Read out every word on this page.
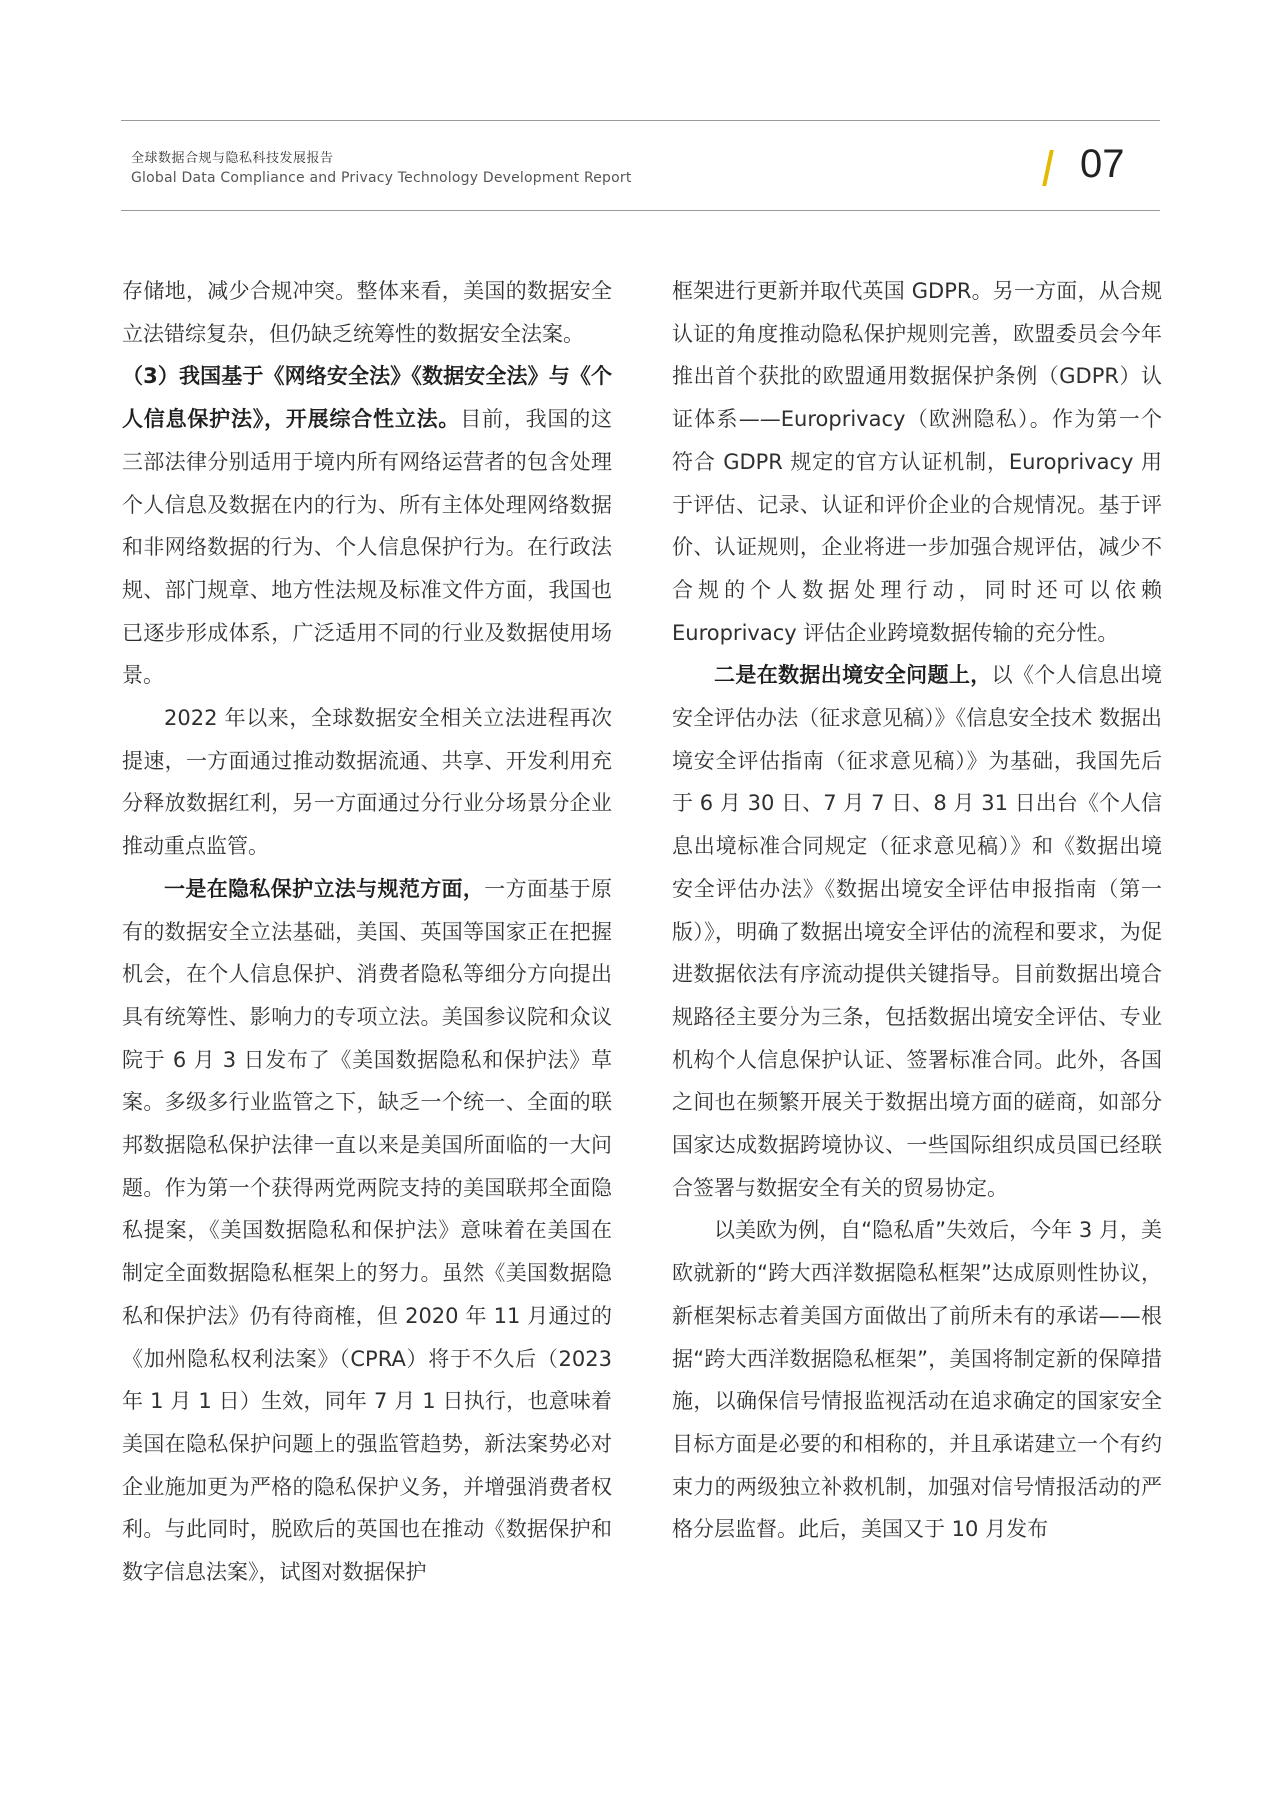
全球数据合规与隐私科技发展报告
Global Data Compliance and Privacy Technology Development Report	07

存储地，减少合规冲突。整体来看，美国的数据安全立法错综复杂，但仍缺乏统筹性的数据安全法案。

（3）我国基于《网络安全法》《数据安全法》与《个人信息保护法》，开展综合性立法。目前，我国的这三部法律分别适用于境内所有网络运营者的包含处理个人信息及数据在内的行为、所有主体处理网络数据和非网络数据的行为、个人信息保护行为。在行政法规、部门规章、地方性法规及标准文件方面，我国也已逐步形成体系，广泛适用不同的行业及数据使用场景。

2022 年以来，全球数据安全相关立法进程再次提速，一方面通过推动数据流通、共享、开发利用充分释放数据红利，另一方面通过分行业分场景分企业推动重点监管。

一是在隐私保护立法与规范方面，一方面基于原有的数据安全立法基础，美国、英国等国家正在把握机会，在个人信息保护、消费者隐私等细分方向提出具有统筹性、影响力的专项立法。美国参议院和众议院于 6 月 3 日发布了《美国数据隐私和保护法》草案。多级多行业监管之下，缺乏一个统一、全面的联邦数据隐私保护法律一直以来是美国所面临的一大问题。作为第一个获得两党两院支持的美国联邦全面隐私提案，《美国数据隐私和保护法》意味着在美国在制定全面数据隐私框架上的努力。虽然《美国数据隐私和保护法》仍有待商榷，但 2020 年 11 月通过的《加州隐私权利法案》（CPRA）将于不久后（2023 年 1 月 1 日）生效，同年 7 月 1 日执行，也意味着美国在隐私保护问题上的强监管趋势，新法案势必对企业施加更为严格的隐私保护义务，并增强消费者权利。与此同时，脱欧后的英国也在推动《数据保护和数字信息法案》，试图对数据保护

框架进行更新并取代英国 GDPR。另一方面，从合规认证的角度推动隐私保护规则完善，欧盟委员会今年推出首个获批的欧盟通用数据保护条例（GDPR）认证体系——Europrivacy（欧洲隐私）。作为第一个符合 GDPR 规定的官方认证机制，Europrivacy 用于评估、记录、认证和评价企业的合规情况。基于评价、认证规则，企业将进一步加强合规评估，减少不合规的个人数据处理行动，同时还可以依赖 Europrivacy 评估企业跨境数据传输的充分性。

二是在数据出境安全问题上，以《个人信息出境安全评估办法（征求意见稿）》《信息安全技术 数据出境安全评估指南（征求意见稿）》为基础，我国先后于 6 月 30 日、7 月 7 日、8 月 31 日出台《个人信息出境标准合同规定（征求意见稿）》和《数据出境安全评估办法》《数据出境安全评估申报指南（第一版）》，明确了数据出境安全评估的流程和要求，为促进数据依法有序流动提供关键指导。目前数据出境合规路径主要分为三条，包括数据出境安全评估、专业机构个人信息保护认证、签署标准合同。此外，各国之间也在频繁开展关于数据出境方面的磋商，如部分国家达成数据跨境协议、一些国际组织成员国已经联合签署与数据安全有关的贸易协定。

以美欧为例，自“隐私盾”失效后，今年 3 月，美欧就新的“跨大西洋数据隐私框架”达成原则性协议，新框架标志着美国方面做出了前所未有的承诺——根据“跨大西洋数据隐私框架”，美国将制定新的保障措施，以确保信号情报监视活动在追求确定的国家安全目标方面是必要的和相称的，并且承诺建立一个有约束力的两级独立补救机制，加强对信号情报活动的严格分层监督。此后，美国又于 10 月发布
